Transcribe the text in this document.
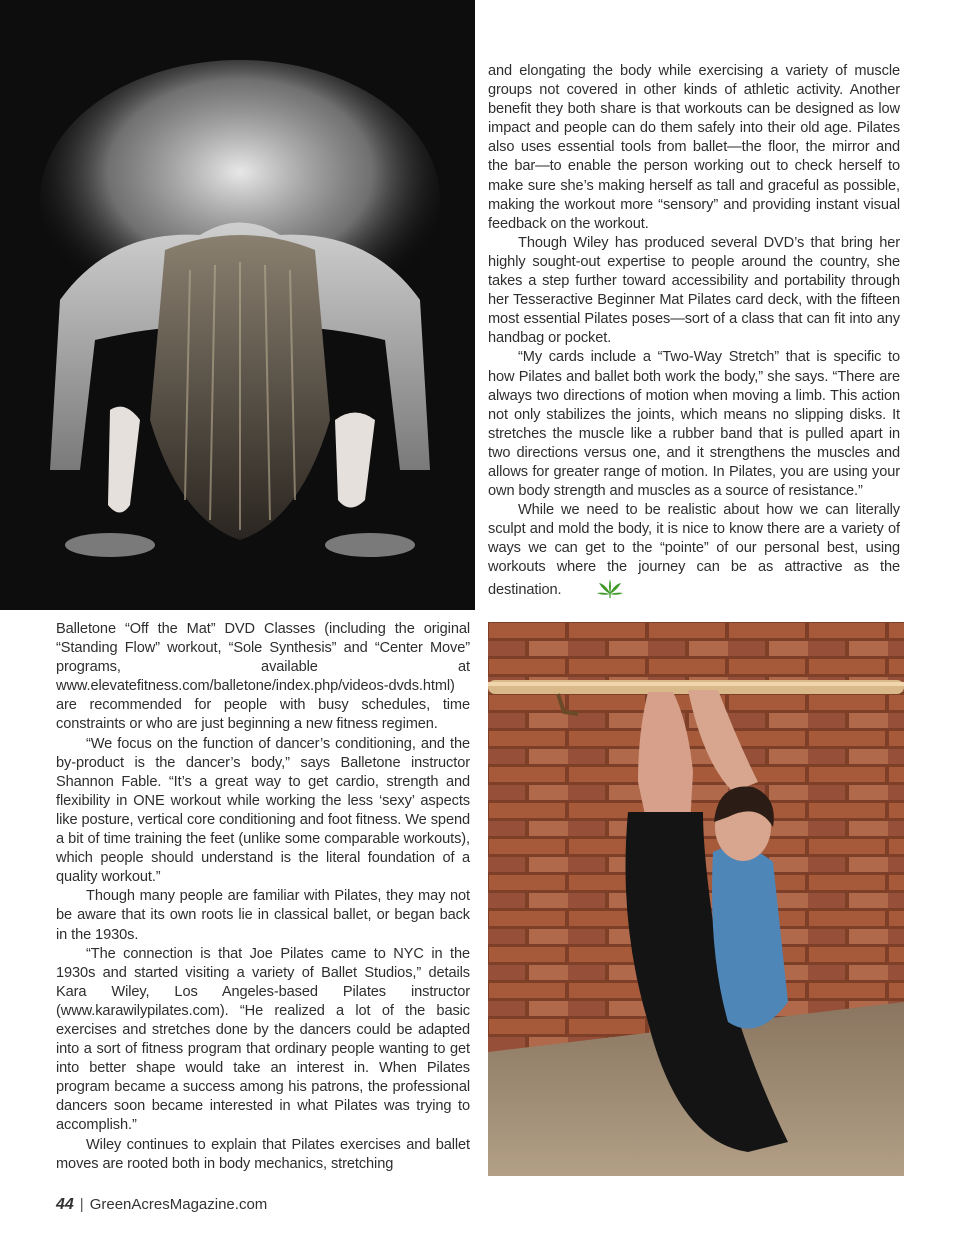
and elongating the body while exercising a variety of muscle groups not covered in other kinds of athletic activity. Another benefit they both share is that workouts can be designed as low impact and people can do them safely into their old age. Pilates also uses essential tools from ballet—the floor, the mirror and the bar—to enable the person working out to check herself to make sure she’s making herself as tall and graceful as possible, making the workout more “sensory” and providing instant visual feedback on the workout.

Though Wiley has produced several DVD’s that bring her highly sought-out expertise to people around the country, she takes a step further toward accessibility and portability through her Tesseractive Beginner Mat Pilates card deck, with the fifteen most essential Pilates poses—sort of a class that can fit into any handbag or pocket.

“My cards include a “Two-Way Stretch” that is specific to how Pilates and ballet both work the body,” she says. “There are always two directions of motion when moving a limb. This action not only stabilizes the joints, which means no slipping disks. It stretches the muscle like a rubber band that is pulled apart in two directions versus one, and it strengthens the muscles and allows for greater range of motion. In Pilates, you are using your own body strength and muscles as a source of resistance.”

While we need to be realistic about how we can literally sculpt and mold the body, it is nice to know there are a variety of ways we can get to the “pointe” of our personal best, using workouts where the journey can be as attractive as the destination.

Balletone “Off the Mat” DVD Classes (including the original “Standing Flow” workout, “Sole Synthesis” and “Center Move” programs, available at www.elevatefitness.com/balletone/index.php/videos-dvds.html) are recommended for people with busy schedules, time constraints or who are just beginning a new fitness regimen.

“We focus on the function of dancer’s conditioning, and the by-product is the dancer’s body,” says Balletone instructor Shannon Fable. “It’s a great way to get cardio, strength and flexibility in ONE workout while working the less ‘sexy’ aspects like posture, vertical core conditioning and foot fitness. We spend a bit of time training the feet (unlike some comparable workouts), which people should understand is the literal foundation of a quality workout.”

Though many people are familiar with Pilates, they may not be aware that its own roots lie in classical ballet, or began back in the 1930s.

“The connection is that Joe Pilates came to NYC in the 1930s and started visiting a variety of Ballet Studios,” details Kara Wiley, Los Angeles-based Pilates instructor (www.karawilypilates.com). “He realized a lot of the basic exercises and stretches done by the dancers could be adapted into a sort of fitness program that ordinary people wanting to get into better shape would take an interest in. When Pilates program became a success among his patrons, the professional dancers soon became interested in what Pilates was trying to accomplish.”

Wiley continues to explain that Pilates exercises and ballet moves are rooted both in body mechanics, stretching

44 | GreenAcresMagazine.com
